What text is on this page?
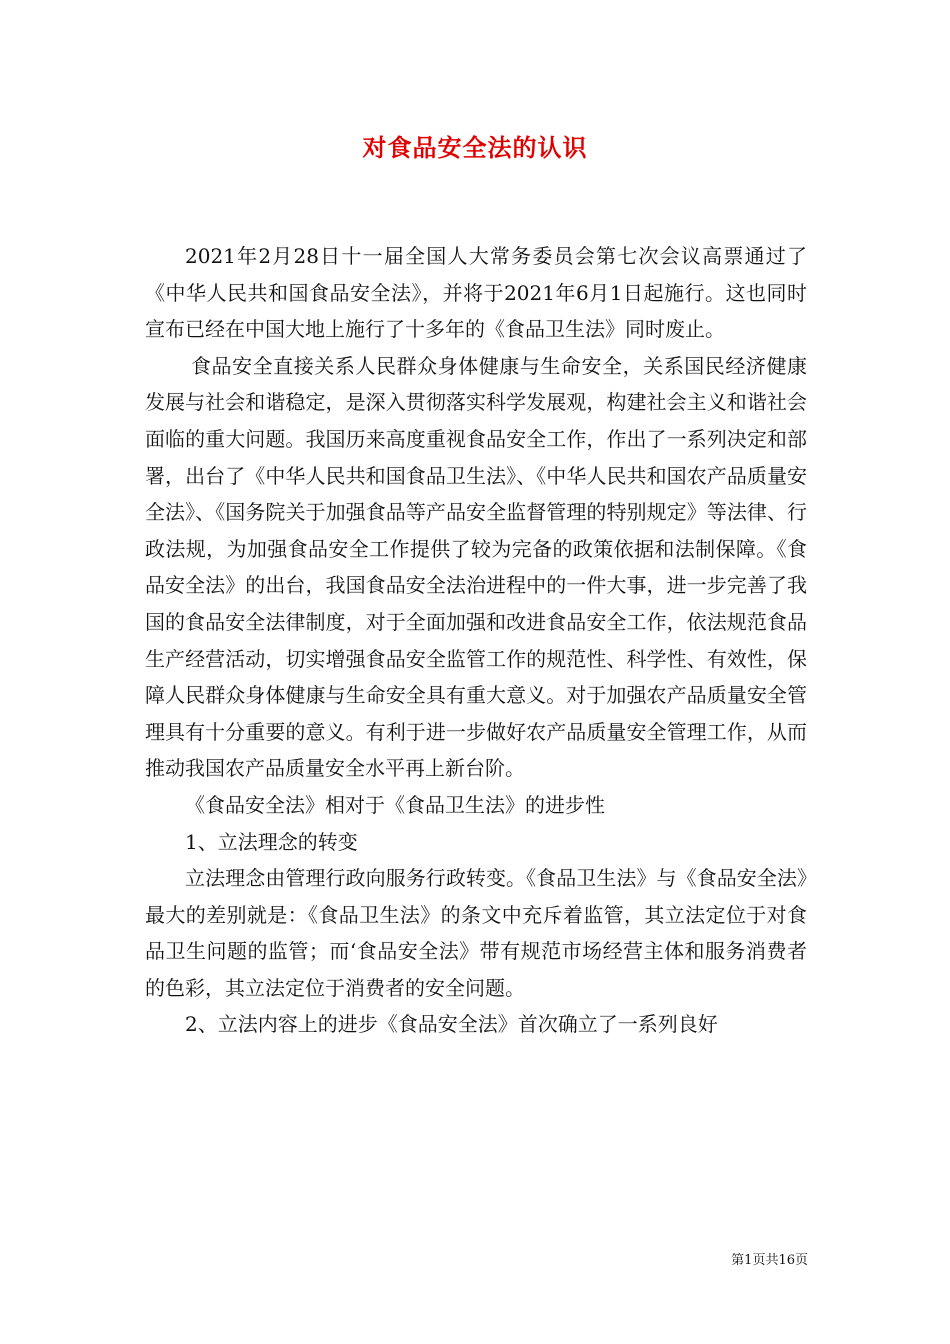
对食品安全法的认识

2021年2月28日十一届全国人大常务委员会第七次会议高票通过了《中华人民共和国食品安全法》，并将于2021年6月1日起施行。这也同时宣布已经在中国大地上施行了十多年的《食品卫生法》同时废止。

食品安全直接关系人民群众身体健康与生命安全，关系国民经济健康发展与社会和谐稳定，是深入贯彻落实科学发展观，构建社会主义和谐社会面临的重大问题。我国历来高度重视食品安全工作，作出了一系列决定和部署，出台了《中华人民共和国食品卫生法》、《中华人民共和国农产品质量安全法》、《国务院关于加强食品等产品安全监督管理的特别规定》等法律、行政法规，为加强食品安全工作提供了较为完备的政策依据和法制保障。《食品安全法》的出台，我国食品安全法治进程中的一件大事，进一步完善了我国的食品安全法律制度，对于全面加强和改进食品安全工作，依法规范食品生产经营活动，切实增强食品安全监管工作的规范性、科学性、有效性，保障人民群众身体健康与生命安全具有重大意义。对于加强农产品质量安全管理具有十分重要的意义。有利于进一步做好农产品质量安全管理工作，从而推动我国农产品质量安全水平再上新台阶。

《食品安全法》相对于《食品卫生法》的进步性

1、立法理念的转变

立法理念由管理行政向服务行政转变。《食品卫生法》与《食品安全法》最大的差别就是：《食品卫生法》的条文中充斥着监管，其立法定位于对食品卫生问题的监管；而‘食品安全法》带有规范市场经营主体和服务消费者的色彩，其立法定位于消费者的安全问题。

2、立法内容上的进步《食品安全法》首次确立了一系列良好

第1页共16页
